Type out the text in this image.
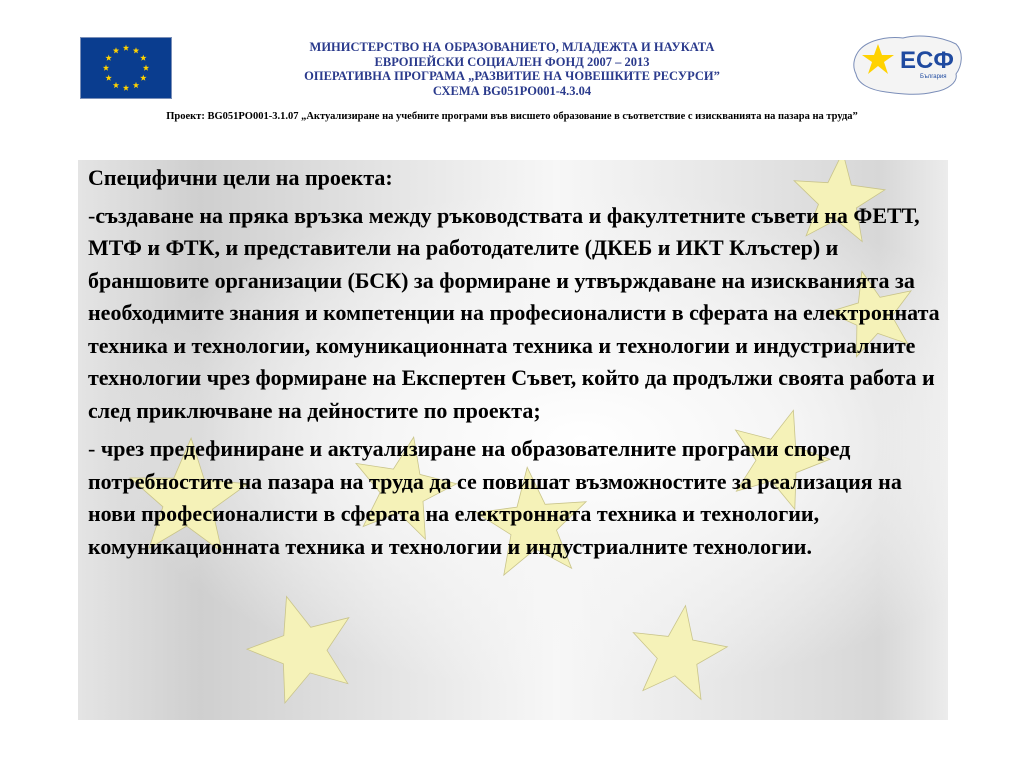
МИНИСТЕРСТВО НА ОБРАЗОВАНИЕТО, МЛАДЕЖТА И НАУКАТА
ЕВРОПЕЙСКИ СОЦИАЛЕН ФОНД 2007 – 2013
ОПЕРАТИВНА ПРОГРАМА „РАЗВИТИЕ НА ЧОВЕШКИТЕ РЕСУРСИ”
СХЕМА BG051PO001-4.3.04
ЕСФ
България
Проект: BG051PO001-3.1.07 „Актуализиране на учебните програми във висшето образование в съответствие с изискванията на пазара на труда”

Специфични цели на проекта:

-създаване на пряка връзка между ръководствата и факултетните съвети на ФЕТТ, МТФ и ФТК, и представители на работодателите (ДКЕБ и ИКТ Клъстер) и браншовите организации (БСК) за формиране и утвърждаване на изискванията за необходимите знания и компетенции на професионалисти в сферата на електронната техника и технологии, комуникационната техника и технологии и индустриалните технологии чрез формиране на Експертен Съвет, който да продължи своята работа и след приключване на дейностите по проекта;

- чрез предефиниране и актуализиране на образователните програми според потребностите на пазара на труда да се повишат възможностите за реализация на нови професионалисти в сферата на електронната техника и технологии, комуникационната техника и технологии и индустриалните технологии.
